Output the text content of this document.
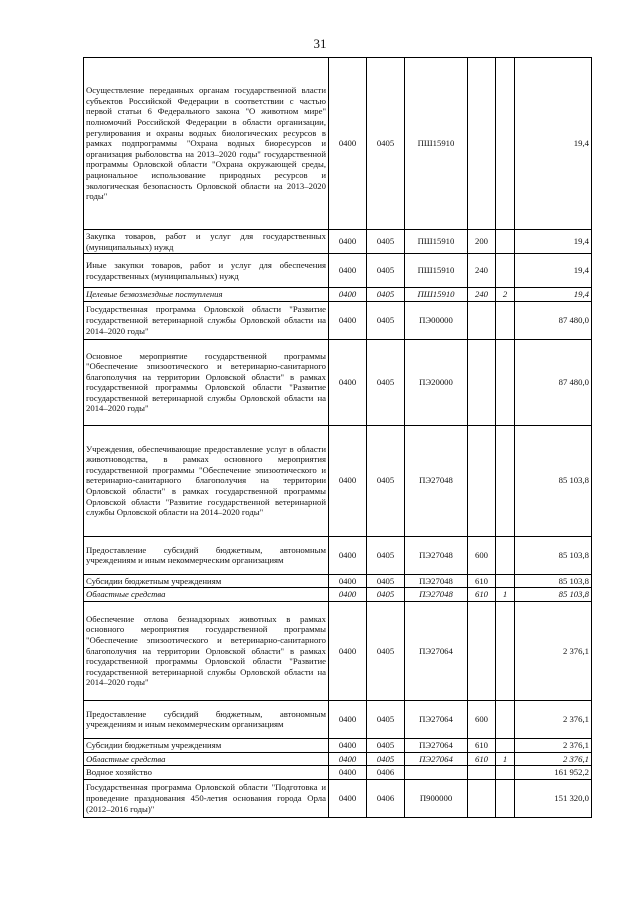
31
Осуществление переданных органам государственной власти субъектов Российской Федерации в соответствии с частью первой статьи 6 Федерального закона "О животном мире" полномочий Российской Федерации в области организации, регулирования и охраны водных биологических ресурсов в рамках подпрограммы "Охрана водных биоресурсов и организация рыболовства на 2013–2020 годы" государственной программы Орловской области "Охрана окружающей среды, рациональное использование природных ресурсов и экологическая безопасность Орловской области на 2013–2020 годы"	0400	0405	ПШ15910			19,4
Закупка товаров, работ и услуг для государственных (муниципальных) нужд	0400	0405	ПШ15910	200		19,4
Иные закупки товаров, работ и услуг для обеспечения государственных (муниципальных) нужд	0400	0405	ПШ15910	240		19,4
Целевые безвозмездные поступления	0400	0405	ПШ15910	240	2	19,4
Государственная программа Орловской области "Развитие государственной ветеринарной службы Орловской области на 2014–2020 годы"	0400	0405	ПЭ00000			87 480,0
Основное мероприятие государственной программы "Обеспечение эпизоотического и ветеринарно-санитарного благополучия на территории Орловской области" в рамках государственной программы Орловской области "Развитие государственной ветеринарной службы Орловской области на 2014–2020 годы"	0400	0405	ПЭ20000			87 480,0
Учреждения, обеспечивающие предоставление услуг в области животноводства, в рамках основного мероприятия государственной программы "Обеспечение эпизоотического и ветеринарно-санитарного благополучия на территории Орловской области" в рамках государственной программы Орловской области "Развитие государственной ветеринарной службы Орловской области на 2014–2020 годы"	0400	0405	ПЭ27048			85 103,8
Предоставление субсидий бюджетным, автономным учреждениям и иным некоммерческим организациям	0400	0405	ПЭ27048	600		85 103,8
Субсидии бюджетным учреждениям	0400	0405	ПЭ27048	610		85 103,8
Областные средства	0400	0405	ПЭ27048	610	1	85 103,8
Обеспечение отлова безнадзорных животных в рамках основного мероприятия государственной программы "Обеспечение эпизоотического и ветеринарно-санитарного благополучия на территории Орловской области" в рамках государственной программы Орловской области "Развитие государственной ветеринарной службы Орловской области на 2014–2020 годы"	0400	0405	ПЭ27064			2 376,1
Предоставление субсидий бюджетным, автономным учреждениям и иным некоммерческим организациям	0400	0405	ПЭ27064	600		2 376,1
Субсидии бюджетным учреждениям	0400	0405	ПЭ27064	610		2 376,1
Областные средства	0400	0405	ПЭ27064	610	1	2 376,1
Водное хозяйство	0400	0406				161 952,2
Государственная программа Орловской области "Подготовка и проведение празднования 450-летия основания города Орла (2012–2016 годы)"	0400	0406	П900000			151 320,0
